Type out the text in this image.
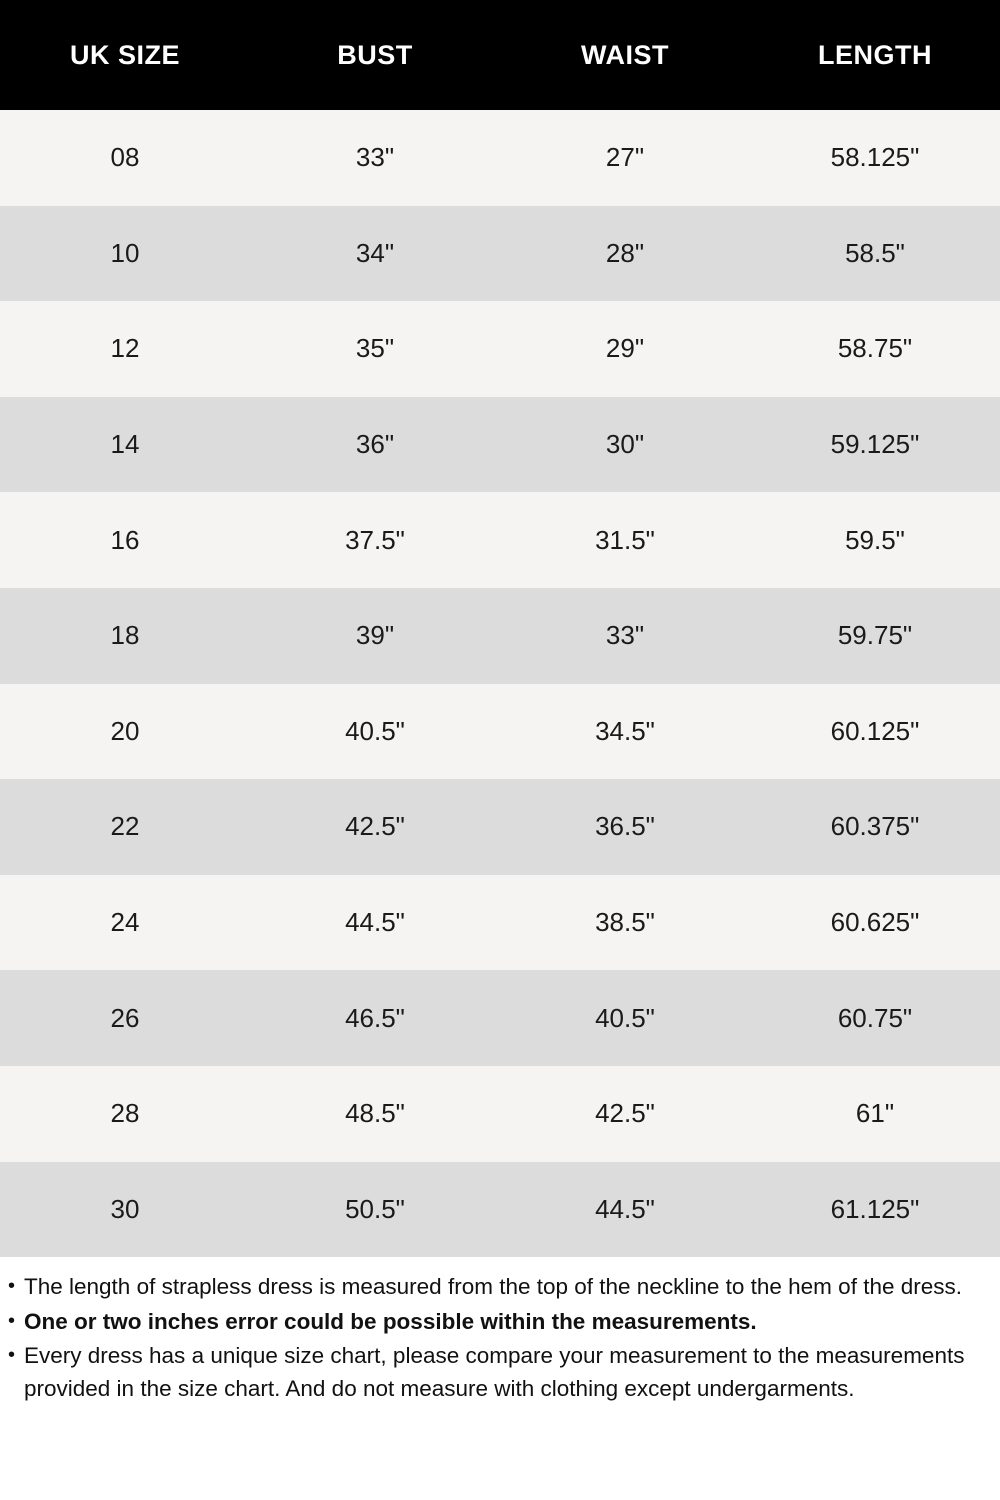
UK SIZE	BUST	WAIST	LENGTH
08	33"	27"	58.125"
10	34"	28"	58.5"
12	35"	29"	58.75"
14	36"	30"	59.125"
16	37.5"	31.5"	59.5"
18	39"	33"	59.75"
20	40.5"	34.5"	60.125"
22	42.5"	36.5"	60.375"
24	44.5"	38.5"	60.625"
26	46.5"	40.5"	60.75"
28	48.5"	42.5"	61"
30	50.5"	44.5"	61.125"
• The length of strapless dress is measured from the top of the neckline to the hem of the dress.
• One or two inches error could be possible within the measurements.
• Every dress has a unique size chart, please compare your measurement to the measurements provided in the size chart. And do not measure with clothing except undergarments.
